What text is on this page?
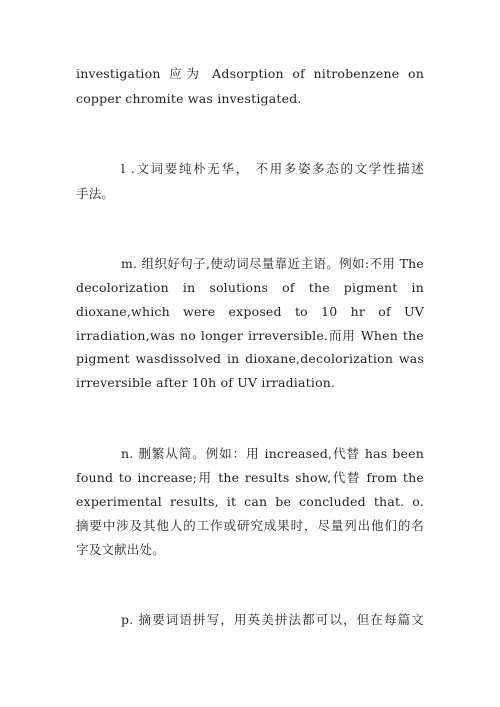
investigation 应为 Adsorption of nitrobenzene on
copper chromite was investigated.
l .文词要纯朴无华， 不用多姿多态的文学性描述
手法。
m. 组织好句子,使动词尽量靠近主语。例如:不用 The
decolorization in solutions of the pigment in
dioxane,which were exposed to 10 hr of UV
irradiation,was no longer irreversible.而用 When the
pigment wasdissolved in dioxane,decolorization was
irreversible after 10h of UV irradiation.
n. 删繁从简。例如：用 increased,代替 has been
found to increase;用 the results show,代替 from the
experimental results, it can be concluded that. o.
摘要中涉及其他人的工作或研究成果时，尽量列出他们的名
字及文献出处。
p. 摘要词语拼写，用英美拼法都可以，但在每篇文
